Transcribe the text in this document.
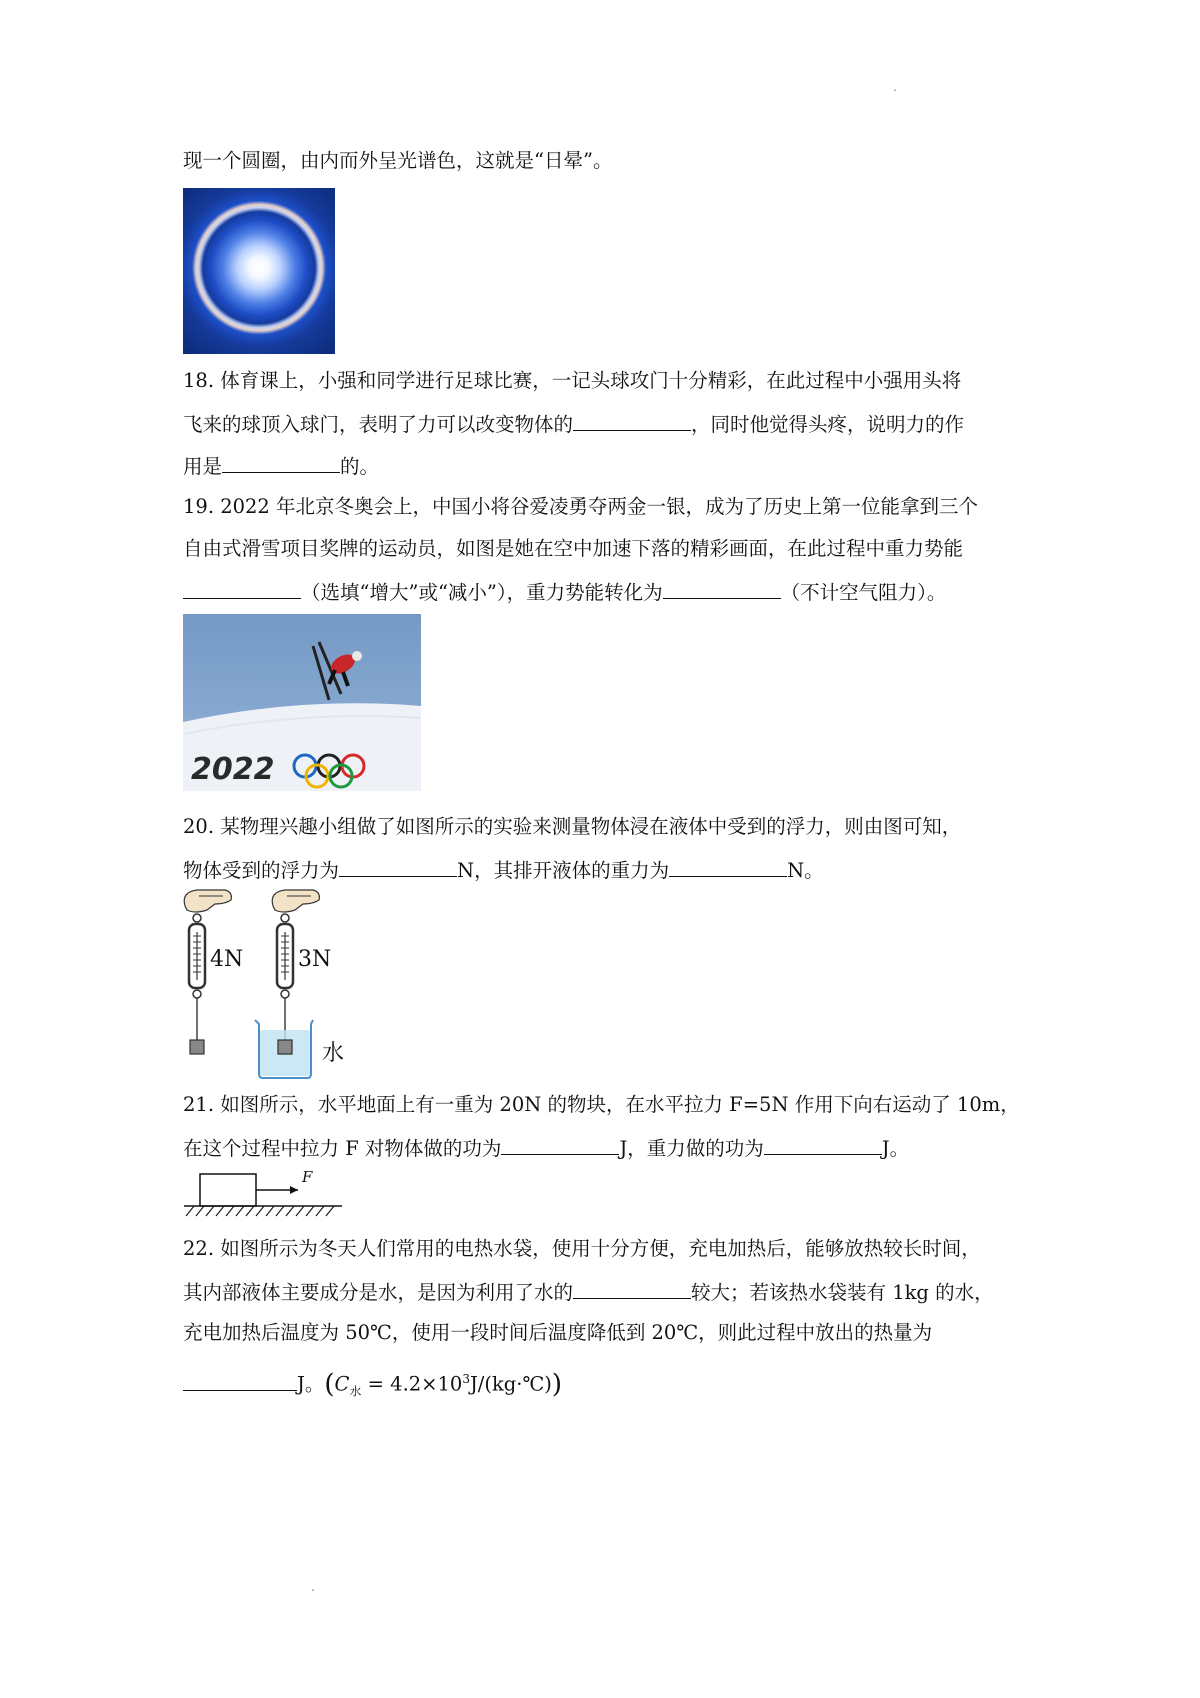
.
.
现一个圆圈，由内而外呈光谱色，这就是“日晕”。
18. 体育课上，小强和同学进行足球比赛，一记头球攻门十分精彩，在此过程中小强用头将
飞来的球顶入球门，表明了力可以改变物体的	，同时他觉得头疼，说明力的作
用是	的。
19. 2022 年北京冬奥会上，中国小将谷爱凌勇夺两金一银，成为了历史上第一位能拿到三个
自由式滑雪项目奖牌的运动员，如图是她在空中加速下落的精彩画面，在此过程中重力势能
（选填“增大”或“减小”），重力势能转化为	（不计空气阻力）。
2022
20. 某物理兴趣小组做了如图所示的实验来测量物体浸在液体中受到的浮力，则由图可知，
物体受到的浮力为	N，其排开液体的重力为	N。
4N 3N
水
21. 如图所示，水平地面上有一重为 20N 的物块，在水平拉力 F=5N 作用下向右运动了 10m，
在这个过程中拉力 F 对物体做的功为	J，重力做的功为	J。
F
22. 如图所示为冬天人们常用的电热水袋，使用十分方便，充电加热后，能够放热较长时间，
其内部液体主要成分是水，是因为利用了水的	较大；若该热水袋装有 1kg 的水，
充电加热后温度为 50℃，使用一段时间后温度降低到 20℃，则此过程中放出的热量为
J。($C_水$ = $4.2\times 10^3J/(kg\cdot℃)$)
